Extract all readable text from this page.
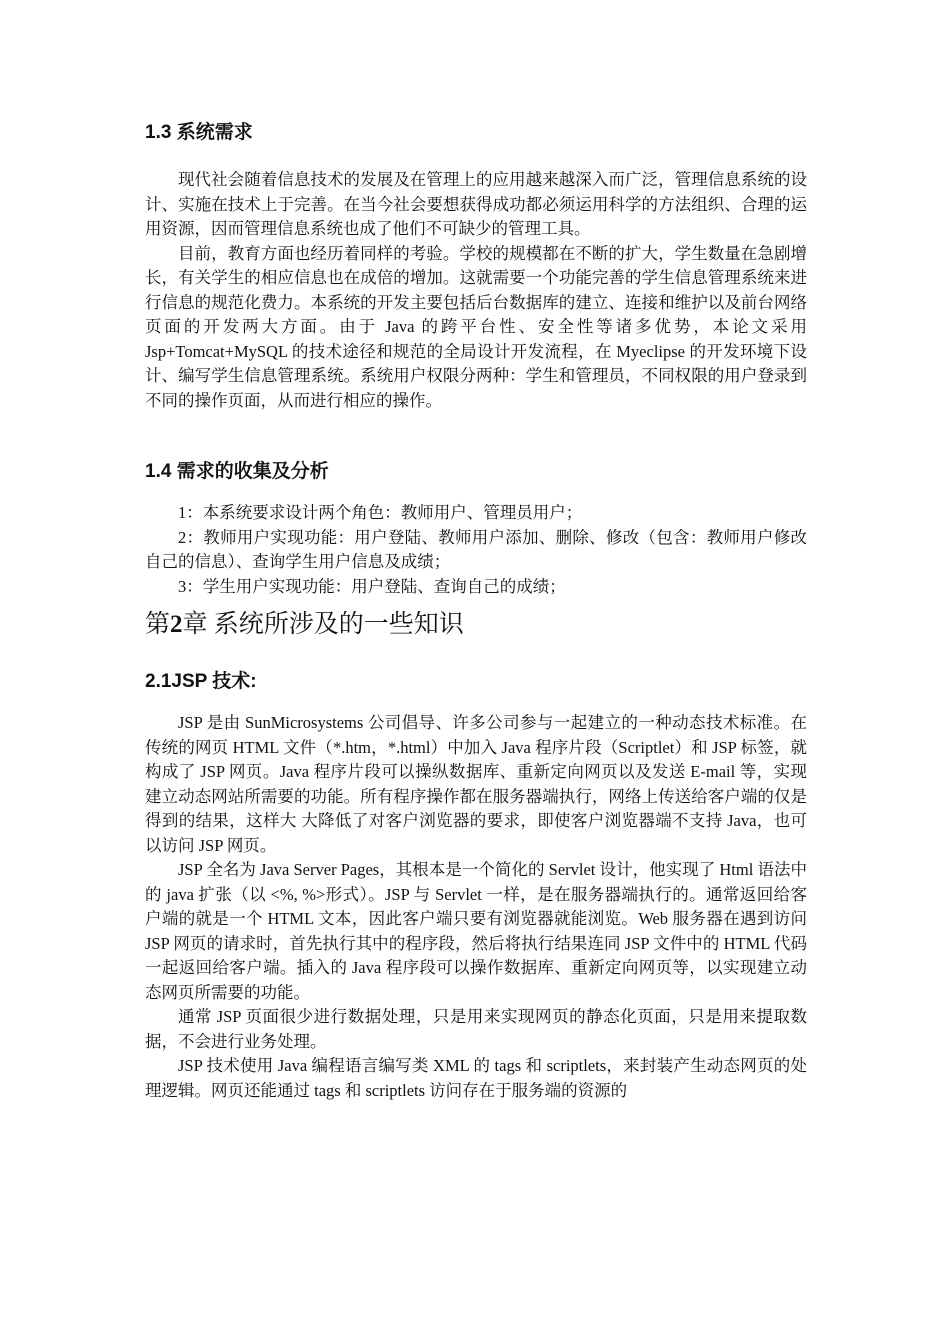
1.3 系统需求

现代社会随着信息技术的发展及在管理上的应用越来越深入而广泛，管理信息系统的设计、实施在技术上于完善。在当今社会要想获得成功都必须运用科学的方法组织、合理的运用资源，因而管理信息系统也成了他们不可缺少的管理工具。

目前，教育方面也经历着同样的考验。学校的规模都在不断的扩大，学生数量在急剧增长，有关学生的相应信息也在成倍的增加。这就需要一个功能完善的学生信息管理系统来进行信息的规范化费力。本系统的开发主要包括后台数据库的建立、连接和维护以及前台网络页面的开发两大方面。由于 Java 的跨平台性、安全性等诸多优势，本论文采用 Jsp+Tomcat+MySQL 的技术途径和规范的全局设计开发流程，在 Myeclipse 的开发环境下设计、编写学生信息管理系统。系统用户权限分两种：学生和管理员，不同权限的用户登录到不同的操作页面，从而进行相应的操作。

1.4 需求的收集及分析

1：本系统要求设计两个角色：教师用户、管理员用户；

2：教师用户实现功能：用户登陆、教师用户添加、删除、修改（包含：教师用户修改自己的信息）、查询学生用户信息及成绩；

3：学生用户实现功能：用户登陆、查询自己的成绩；

第2章 系统所涉及的一些知识
2.1JSP 技术:

JSP 是由 SunMicrosystems 公司倡导、许多公司参与一起建立的一种动态技术标准。在传统的网页 HTML 文件（*.htm，*.html）中加入 Java 程序片段（Scriptlet）和 JSP 标签，就构成了 JSP 网页。Java 程序片段可以操纵数据库、重新定向网页以及发送 E-mail 等，实现建立动态网站所需要的功能。所有程序操作都在服务器端执行，网络上传送给客户端的仅是得到的结果，这样大 大降低了对客户浏览器的要求，即使客户浏览器端不支持 Java，也可以访问 JSP 网页。

JSP 全名为 Java Server Pages，其根本是一个简化的 Servlet 设计，他实现了 Html 语法中的 java 扩张（以 <%, %>形式）。JSP 与 Servlet 一样，是在服务器端执行的。通常返回给客户端的就是一个 HTML 文本，因此客户端只要有浏览器就能浏览。Web 服务器在遇到访问 JSP 网页的请求时，首先执行其中的程序段，然后将执行结果连同 JSP 文件中的 HTML 代码一起返回给客户端。插入的 Java 程序段可以操作数据库、重新定向网页等，以实现建立动态网页所需要的功能。

通常 JSP 页面很少进行数据处理，只是用来实现网页的静态化页面，只是用来提取数据，不会进行业务处理。

JSP 技术使用 Java 编程语言编写类 XML 的 tags 和 scriptlets，来封装产生动态网页的处理逻辑。网页还能通过 tags 和 scriptlets 访问存在于服务端的资源的
